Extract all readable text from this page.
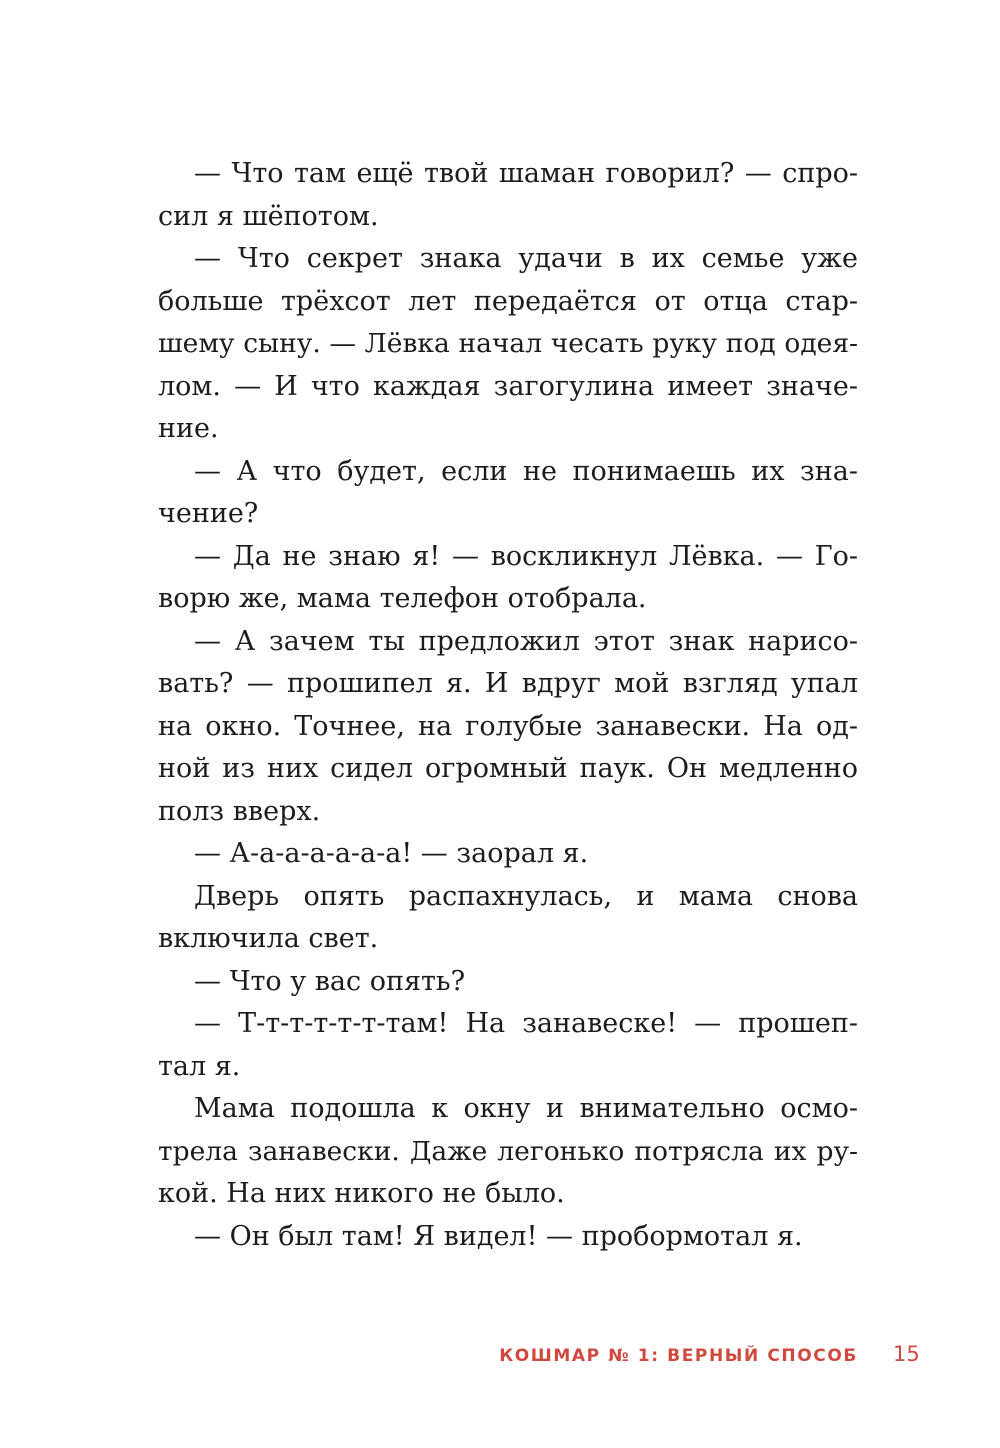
— Что там ещё твой шаман говорил? — спро-
сил я шёпотом.
— Что секрет знака удачи в их семье уже
больше трёхсот лет передаётся от отца стар-
шему сыну. — Лёвка начал чесать руку под одея-
лом. — И что каждая загогулина имеет значе-
ние.
— А что будет, если не понимаешь их зна-
чение?
— Да не знаю я! — воскликнул Лёвка. — Го-
ворю же, мама телефон отобрала.
— А зачем ты предложил этот знак нарисо-
вать? — прошипел я. И вдруг мой взгляд упал
на окно. Точнее, на голубые занавески. На од-
ной из них сидел огромный паук. Он медленно
полз вверх.
— А-а-а-а-а-а-а! — заорал я.
Дверь опять распахнулась, и мама снова
включила свет.
— Что у вас опять?
— Т-т-т-т-т-т-там! На занавеске! — прошеп-
тал я.
Мама подошла к окну и внимательно осмо-
трела занавески. Даже легонько потрясла их ру-
кой. На них никого не было.
— Он был там! Я видел! — пробормотал я.
КОШМАР № 1: ВЕРНЫЙ СПОСОБ 15
